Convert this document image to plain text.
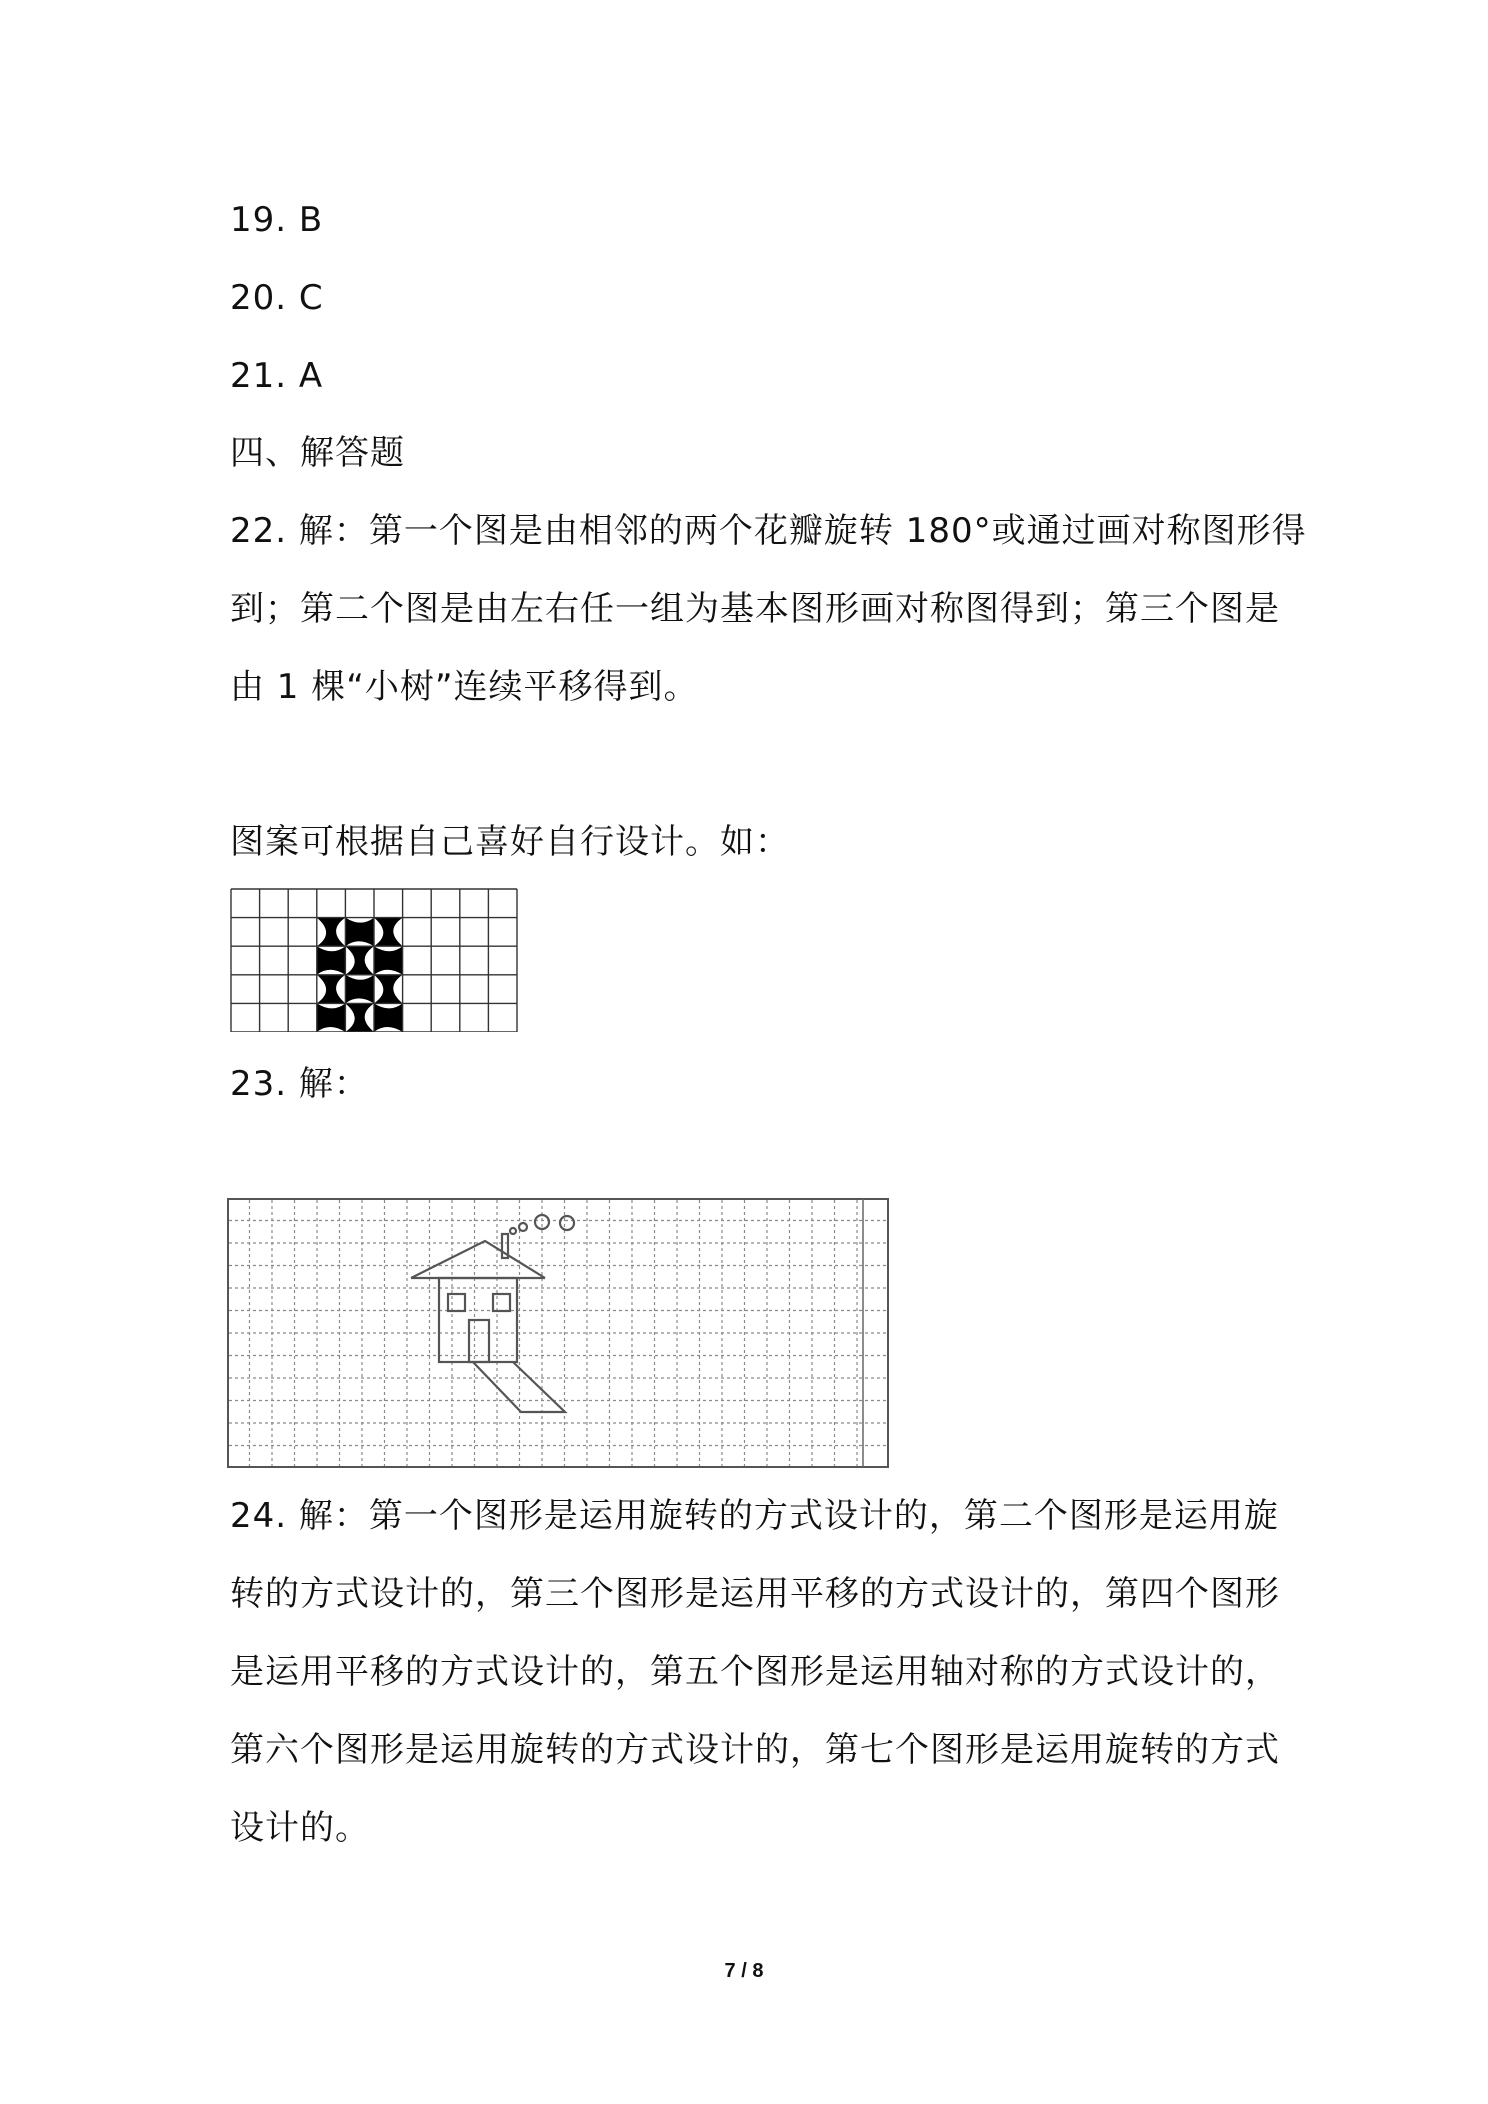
19. B
20. C
21. A
四、解答题
22. 解：第一个图是由相邻的两个花瓣旋转 180°或通过画对称图形得
到；第二个图是由左右任一组为基本图形画对称图得到；第三个图是
由 1 棵“小树”连续平移得到。
图案可根据自己喜好自行设计。如：
23. 解：
24. 解：第一个图形是运用旋转的方式设计的，第二个图形是运用旋
转的方式设计的，第三个图形是运用平移的方式设计的，第四个图形
是运用平移的方式设计的，第五个图形是运用轴对称的方式设计的，
第六个图形是运用旋转的方式设计的，第七个图形是运用旋转的方式
设计的。
7 / 8
